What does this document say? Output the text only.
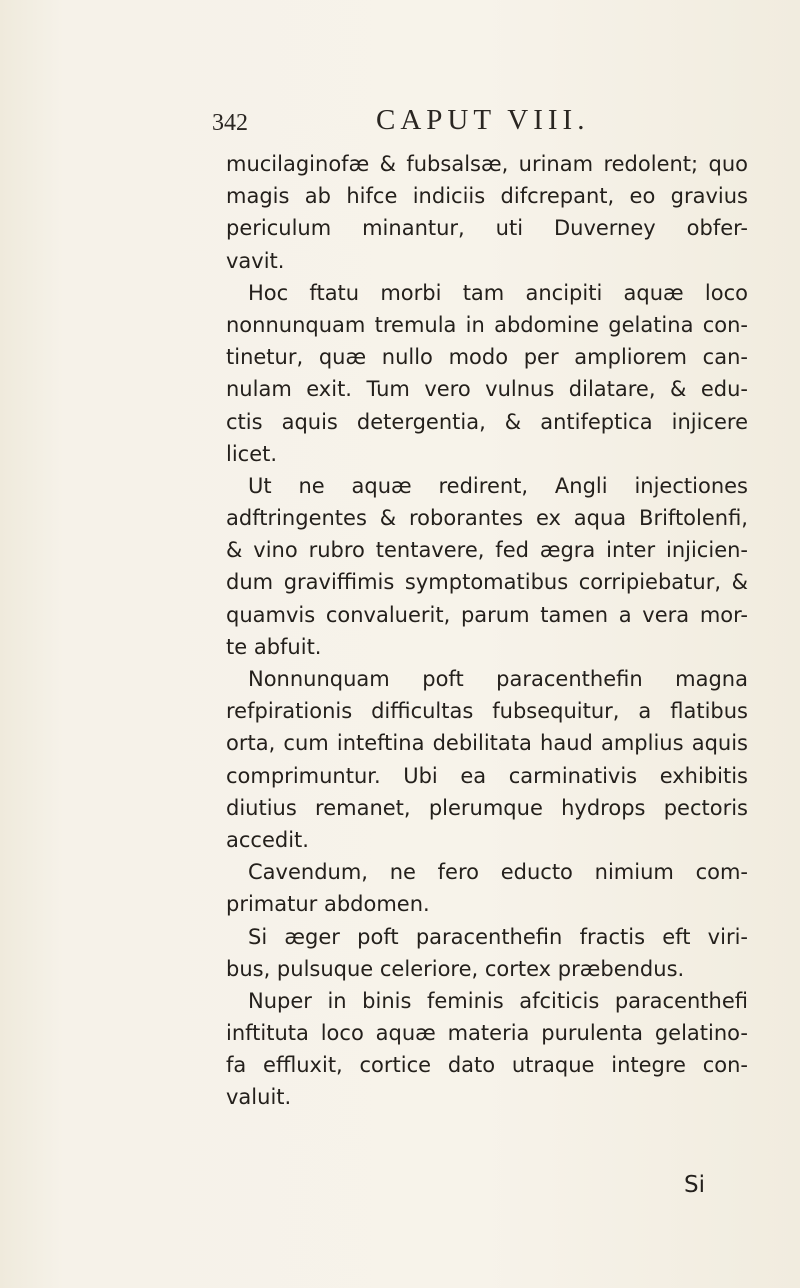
342	CAPUT VIII.
mucilaginofæ & fubsalsæ, urinam redolent; quo
magis ab hifce indiciis difcrepant, eo gravius
periculum minantur, uti Duverney obfer-
vavit.
Hoc ftatu morbi tam ancipiti aquæ loco
nonnunquam tremula in abdomine gelatina con-
tinetur, quæ nullo modo per ampliorem can-
nulam exit. Tum vero vulnus dilatare, & edu-
ctis aquis detergentia, & antifeptica injicere
licet.
Ut ne aquæ redirent, Angli injectiones
adftringentes & roborantes ex aqua Briftolenfi,
& vino rubro tentavere, fed ægra inter injicien-
dum graviffimis symptomatibus corripiebatur, &
quamvis convaluerit, parum tamen a vera mor-
te abfuit.
Nonnunquam poft paracenthefin magna
refpirationis difficultas fubsequitur, a flatibus
orta, cum inteftina debilitata haud amplius aquis
comprimuntur. Ubi ea carminativis exhibitis
diutius remanet, plerumque hydrops pectoris
accedit.
Cavendum, ne fero educto nimium com-
primatur abdomen.
Si æger poft paracenthefin fractis eft viri-
bus, pulsuque celeriore, cortex præbendus.
Nuper in binis feminis afciticis paracenthefi
inftituta loco aquæ materia purulenta gelatino-
fa effluxit, cortice dato utraque integre con-
valuit.
Si
